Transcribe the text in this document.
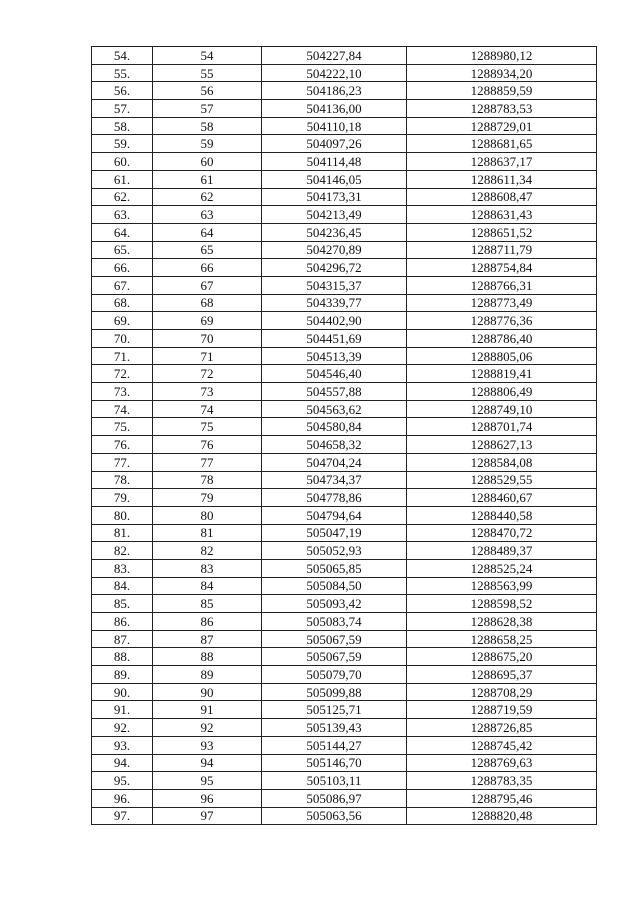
54.	54	504227,84	1288980,12
55.	55	504222,10	1288934,20
56.	56	504186,23	1288859,59
57.	57	504136,00	1288783,53
58.	58	504110,18	1288729,01
59.	59	504097,26	1288681,65
60.	60	504114,48	1288637,17
61.	61	504146,05	1288611,34
62.	62	504173,31	1288608,47
63.	63	504213,49	1288631,43
64.	64	504236,45	1288651,52
65.	65	504270,89	1288711,79
66.	66	504296,72	1288754,84
67.	67	504315,37	1288766,31
68.	68	504339,77	1288773,49
69.	69	504402,90	1288776,36
70.	70	504451,69	1288786,40
71.	71	504513,39	1288805,06
72.	72	504546,40	1288819,41
73.	73	504557,88	1288806,49
74.	74	504563,62	1288749,10
75.	75	504580,84	1288701,74
76.	76	504658,32	1288627,13
77.	77	504704,24	1288584,08
78.	78	504734,37	1288529,55
79.	79	504778,86	1288460,67
80.	80	504794,64	1288440,58
81.	81	505047,19	1288470,72
82.	82	505052,93	1288489,37
83.	83	505065,85	1288525,24
84.	84	505084,50	1288563,99
85.	85	505093,42	1288598,52
86.	86	505083,74	1288628,38
87.	87	505067,59	1288658,25
88.	88	505067,59	1288675,20
89.	89	505079,70	1288695,37
90.	90	505099,88	1288708,29
91.	91	505125,71	1288719,59
92.	92	505139,43	1288726,85
93.	93	505144,27	1288745,42
94.	94	505146,70	1288769,63
95.	95	505103,11	1288783,35
96.	96	505086,97	1288795,46
97.	97	505063,56	1288820,48
